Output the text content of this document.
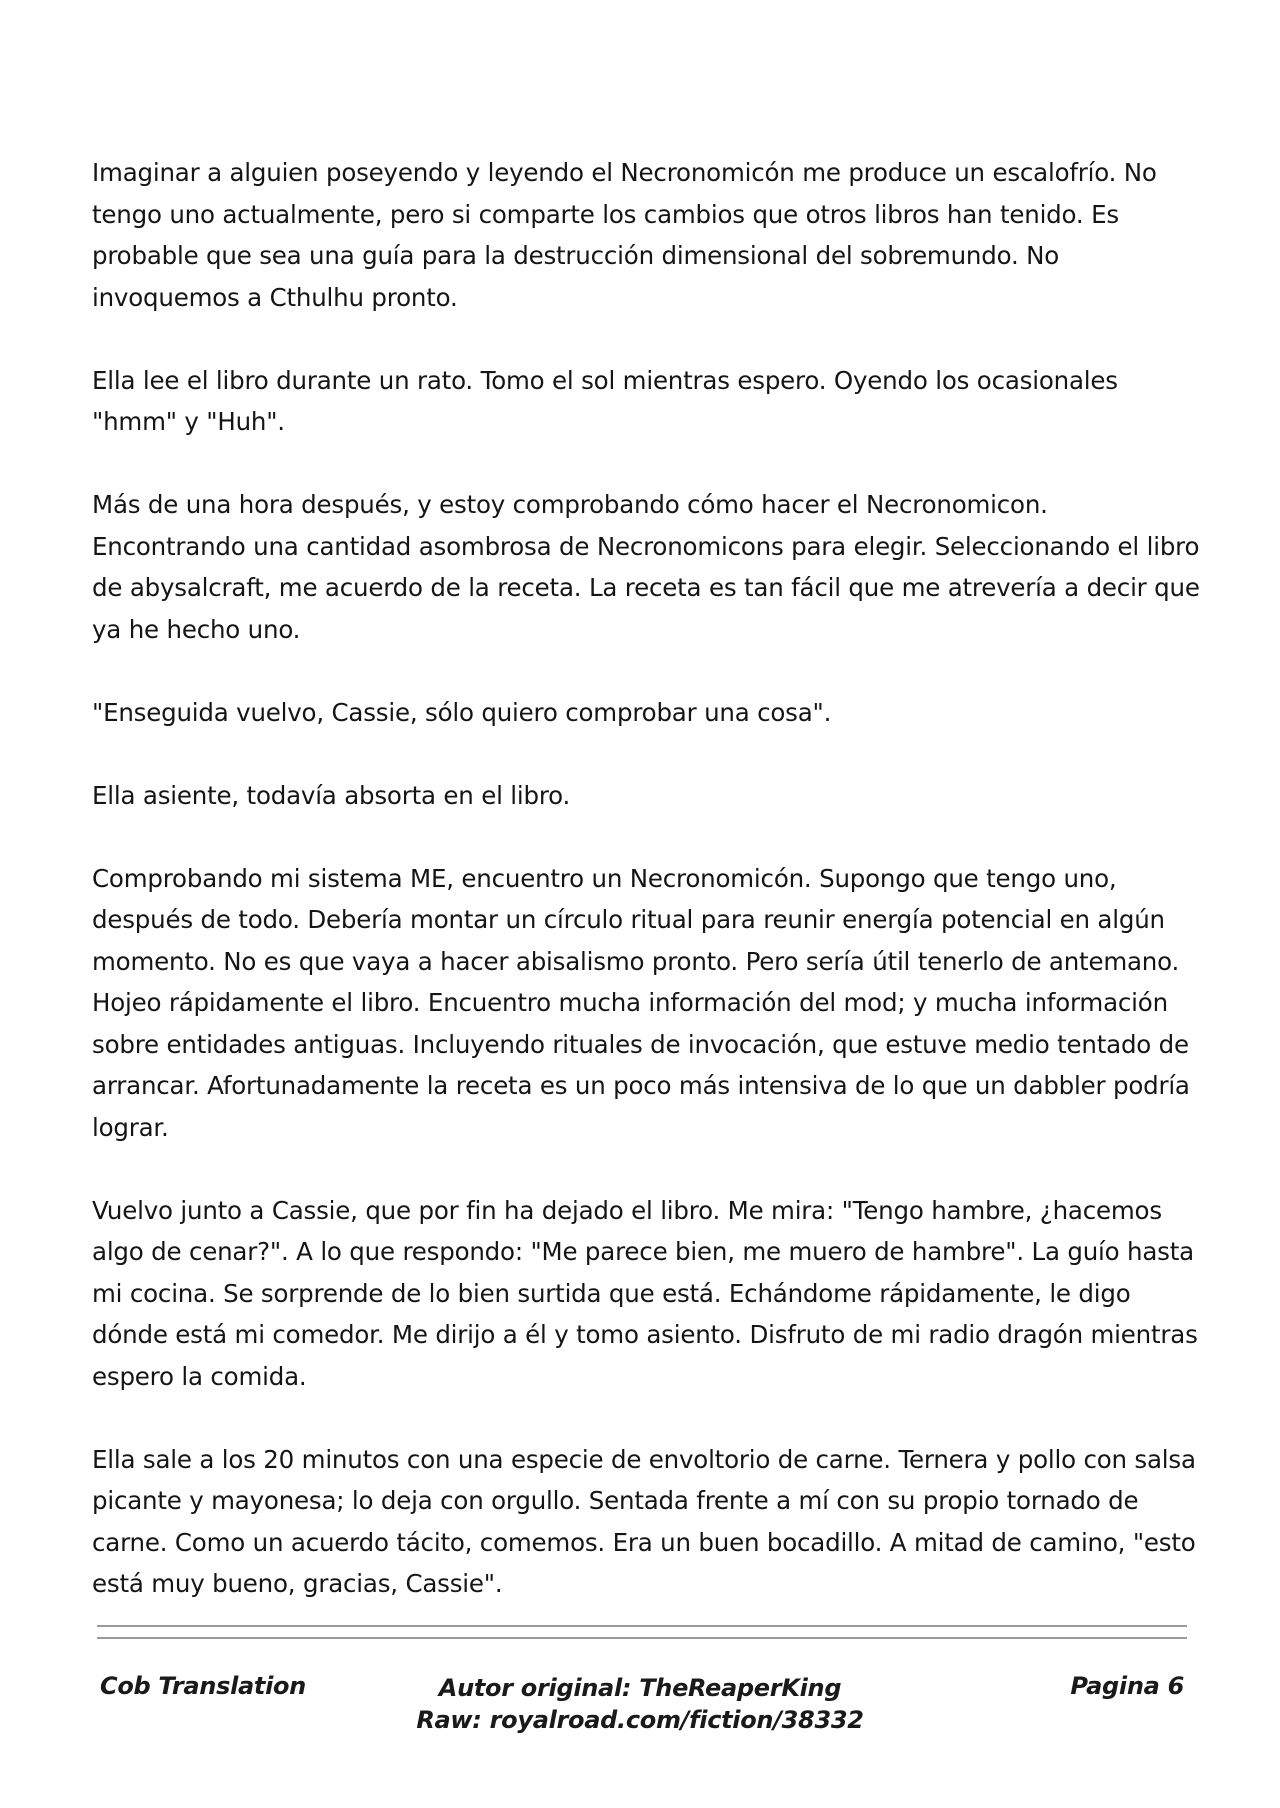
Imaginar a alguien poseyendo y leyendo el Necronomicón me produce un escalofrío. No tengo uno actualmente, pero si comparte los cambios que otros libros han tenido. Es probable que sea una guía para la destrucción dimensional del sobremundo. No invoquemos a Cthulhu pronto.

Ella lee el libro durante un rato. Tomo el sol mientras espero. Oyendo los ocasionales "hmm" y "Huh".

Más de una hora después, y estoy comprobando cómo hacer el Necronomicon. Encontrando una cantidad asombrosa de Necronomicons para elegir. Seleccionando el libro de abysalcraft, me acuerdo de la receta. La receta es tan fácil que me atrevería a decir que ya he hecho uno.

"Enseguida vuelvo, Cassie, sólo quiero comprobar una cosa".

Ella asiente, todavía absorta en el libro.

Comprobando mi sistema ME, encuentro un Necronomicón. Supongo que tengo uno, después de todo. Debería montar un círculo ritual para reunir energía potencial en algún momento. No es que vaya a hacer abisalismo pronto. Pero sería útil tenerlo de antemano. Hojeo rápidamente el libro. Encuentro mucha información del mod; y mucha información sobre entidades antiguas. Incluyendo rituales de invocación, que estuve medio tentado de arrancar. Afortunadamente la receta es un poco más intensiva de lo que un dabbler podría lograr.

Vuelvo junto a Cassie, que por fin ha dejado el libro. Me mira: "Tengo hambre, ¿hacemos algo de cenar?". A lo que respondo: "Me parece bien, me muero de hambre". La guío hasta mi cocina. Se sorprende de lo bien surtida que está. Echándome rápidamente, le digo dónde está mi comedor. Me dirijo a él y tomo asiento. Disfruto de mi radio dragón mientras espero la comida.

Ella sale a los 20 minutos con una especie de envoltorio de carne. Ternera y pollo con salsa picante y mayonesa; lo deja con orgullo. Sentada frente a mí con su propio tornado de carne. Como un acuerdo tácito, comemos. Era un buen bocadillo. A mitad de camino, "esto está muy bueno, gracias, Cassie".

Cob Translation	Autor original: TheReaperKing
Raw: royalroad.com/fiction/38332
Pagina 6
